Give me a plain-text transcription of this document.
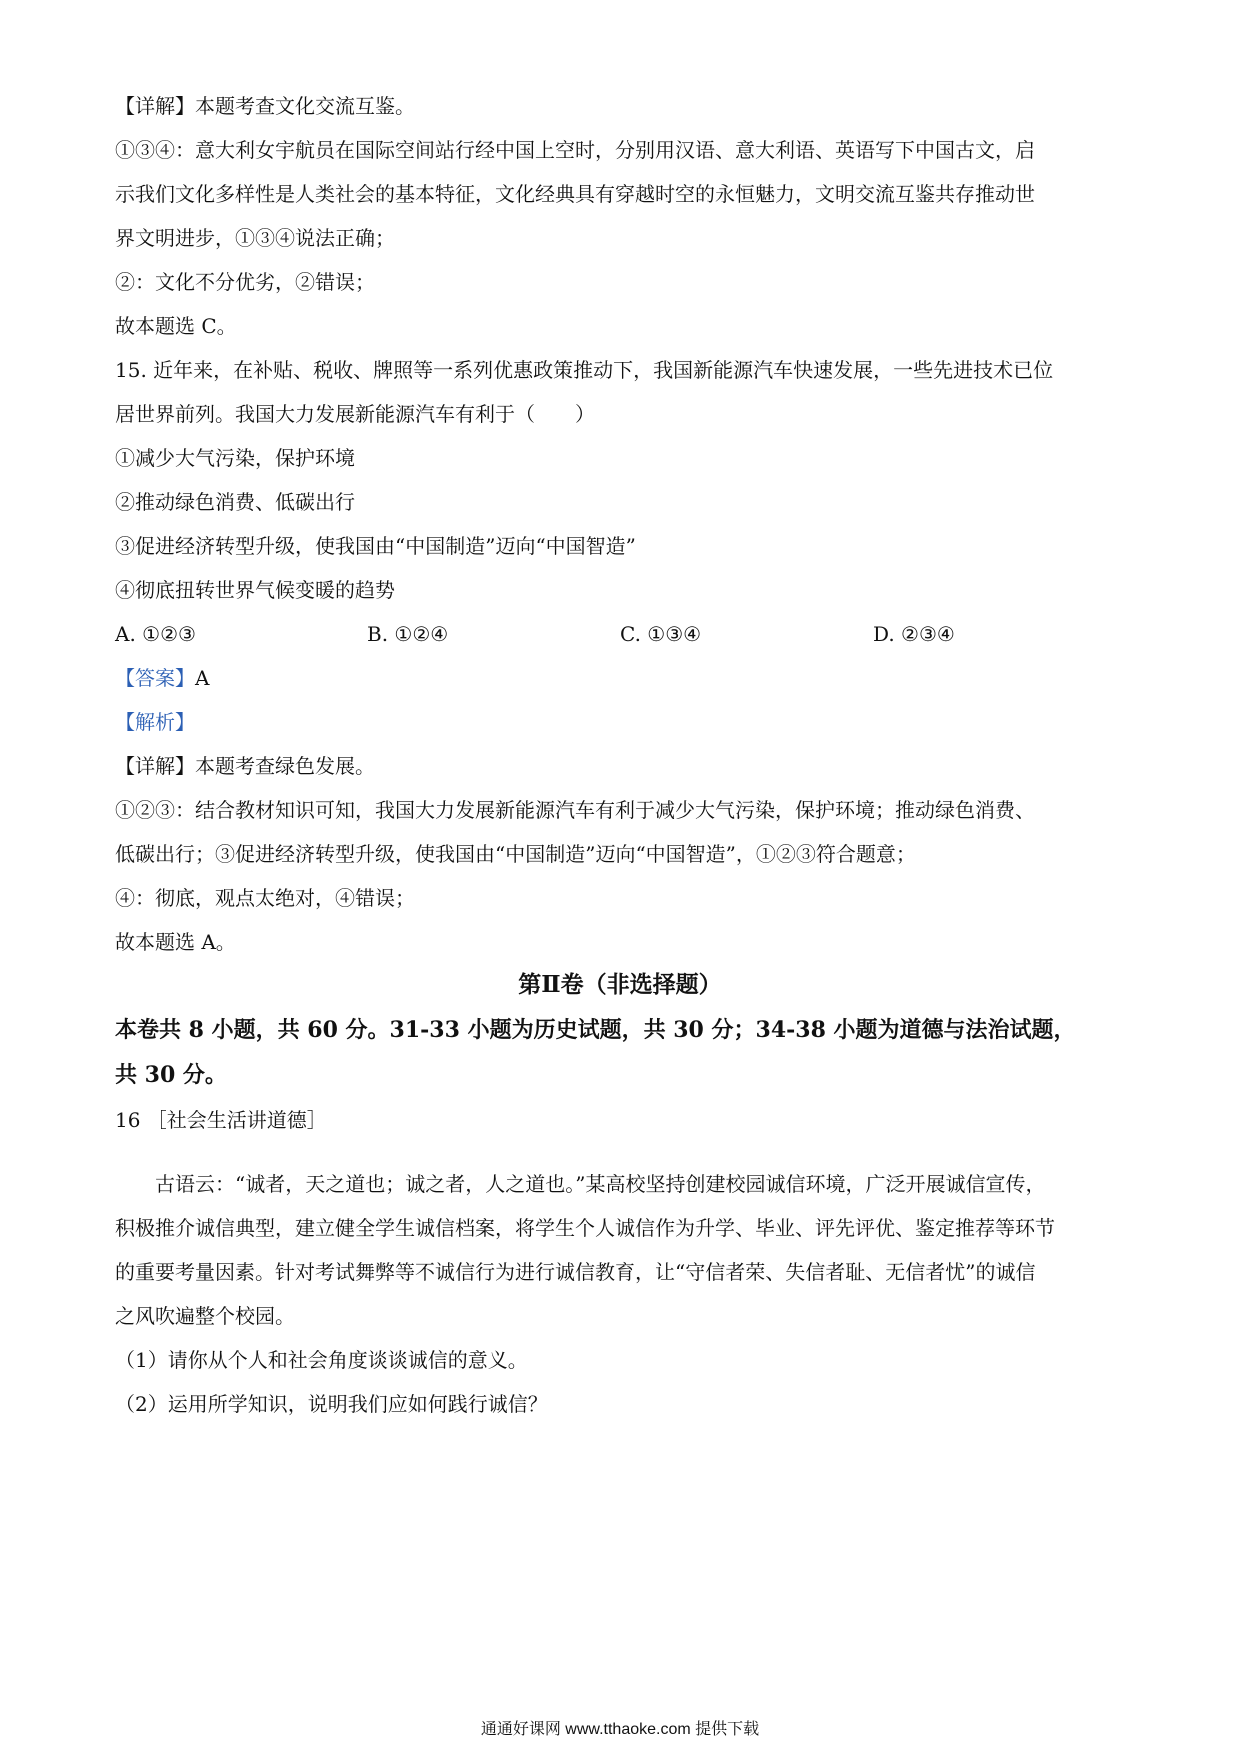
【详解】本题考查文化交流互鉴。
①③④：意大利女宇航员在国际空间站行经中国上空时，分别用汉语、意大利语、英语写下中国古文，启
示我们文化多样性是人类社会的基本特征，文化经典具有穿越时空的永恒魅力，文明交流互鉴共存推动世
界文明进步，①③④说法正确；
②：文化不分优劣，②错误；
故本题选 C。
15. 近年来，在补贴、税收、牌照等一系列优惠政策推动下，我国新能源汽车快速发展，一些先进技术已位
居世界前列。我国大力发展新能源汽车有利于（　　）
①减少大气污染，保护环境
②推动绿色消费、低碳出行
③促进经济转型升级，使我国由“中国制造”迈向“中国智造”
④彻底扭转世界气候变暖的趋势
A. ①②③	B. ①②④	C. ①③④	D. ②③④
【答案】A
【解析】
【详解】本题考查绿色发展。
①②③：结合教材知识可知，我国大力发展新能源汽车有利于减少大气污染，保护环境；推动绿色消费、
低碳出行；③促进经济转型升级，使我国由“中国制造”迈向“中国智造”，①②③符合题意；
④：彻底，观点太绝对，④错误；
故本题选 A。
第Ⅱ卷（非选择题）
本卷共 8 小题，共 60 分。31-33 小题为历史试题，共 30 分；34-38 小题为道德与法治试题，
共 30 分。
16 ［社会生活讲道德］
　　古语云：“诚者，天之道也；诚之者，人之道也。”某高校坚持创建校园诚信环境，广泛开展诚信宣传，
积极推介诚信典型，建立健全学生诚信档案，将学生个人诚信作为升学、毕业、评先评优、鉴定推荐等环节
的重要考量因素。针对考试舞弊等不诚信行为进行诚信教育，让“守信者荣、失信者耻、无信者忧”的诚信
之风吹遍整个校园。
（1）请你从个人和社会角度谈谈诚信的意义。
（2）运用所学知识，说明我们应如何践行诚信？
通通好课网 www.tthaoke.com 提供下载
